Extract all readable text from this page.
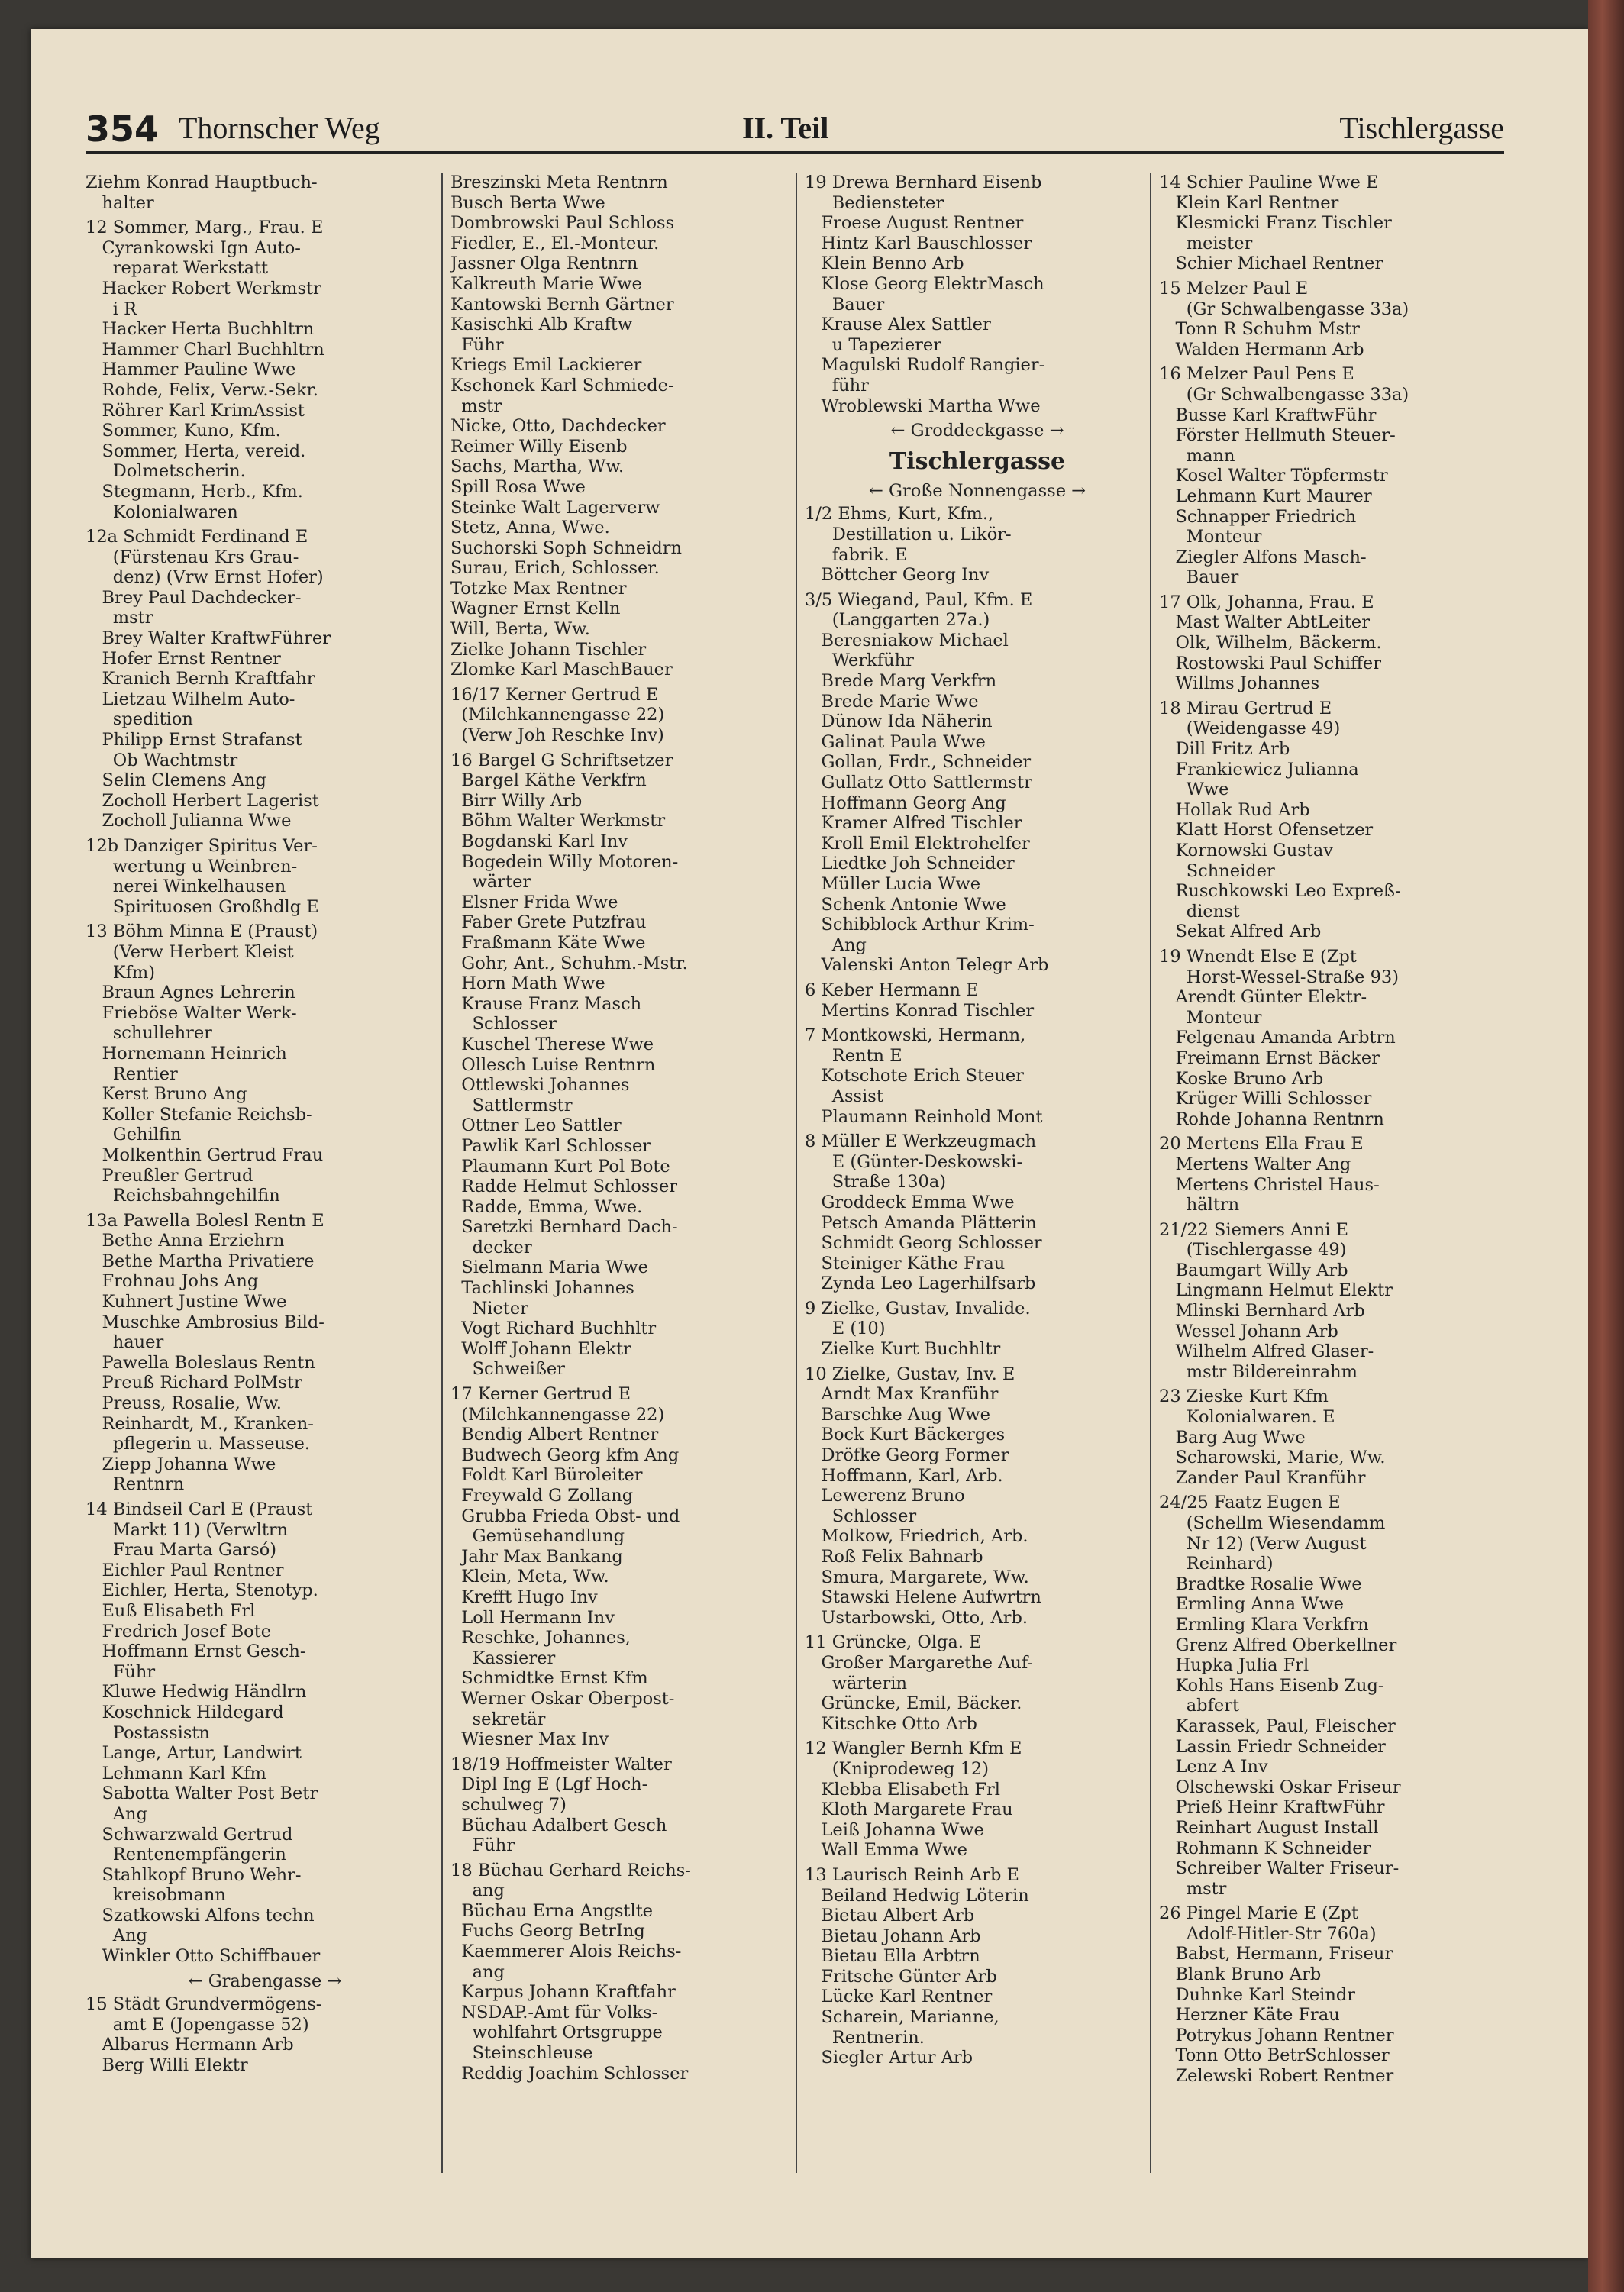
354 Thornscher Weg	II. Teil	Tischlergasse
Ziehm Konrad Hauptbuch-
halter
12 Sommer, Marg., Frau. E
Cyrankowski Ign Auto-
reparat Werkstatt
Hacker Robert Werkmstr
i R
Hacker Herta Buchhltrn
Hammer Charl Buchhltrn
Hammer Pauline Wwe
Rohde, Felix, Verw.-Sekr.
Röhrer Karl KrimAssist
Sommer, Kuno, Kfm.
Sommer, Herta, vereid.
Dolmetscherin.
Stegmann, Herb., Kfm.
Kolonialwaren
12a Schmidt Ferdinand E
(Fürstenau Krs Grau-
denz) (Vrw Ernst Hofer)
Brey Paul Dachdecker-
mstr
Brey Walter KraftwFührer
Hofer Ernst Rentner
Kranich Bernh Kraftfahr
Lietzau Wilhelm Auto-
spedition
Philipp Ernst Strafanst
Ob Wachtmstr
Selin Clemens Ang
Zocholl Herbert Lagerist
Zocholl Julianna Wwe
12b Danziger Spiritus Ver-
wertung u Weinbren-
nerei Winkelhausen
Spirituosen Großhdlg E
13 Böhm Minna E (Praust)
(Verw Herbert Kleist
Kfm)
Braun Agnes Lehrerin
Frieböse Walter Werk-
schullehrer
Hornemann Heinrich
Rentier
Kerst Bruno Ang
Koller Stefanie Reichsb-
Gehilfin
Molkenthin Gertrud Frau
Preußler Gertrud
Reichsbahngehilfin
13a Pawella Bolesl Rentn E
Bethe Anna Erziehrn
Bethe Martha Privatiere
Frohnau Johs Ang
Kuhnert Justine Wwe
Muschke Ambrosius Bild-
hauer
Pawella Boleslaus Rentn
Preuß Richard PolMstr
Preuss, Rosalie, Ww.
Reinhardt, M., Kranken-
pflegerin u. Masseuse.
Ziepp Johanna Wwe
Rentnrn
14 Bindseil Carl E (Praust
Markt 11) (Verwltrn
Frau Marta Garsó)
Eichler Paul Rentner
Eichler, Herta, Stenotyp.
Euß Elisabeth Frl
Fredrich Josef Bote
Hoffmann Ernst Gesch-
Führ
Kluwe Hedwig Händlrn
Koschnick Hildegard
Postassistn
Lange, Artur, Landwirt
Lehmann Karl Kfm
Sabotta Walter Post Betr
Ang
Schwarzwald Gertrud
Rentenempfängerin
Stahlkopf Bruno Wehr-
kreisobmann
Szatkowski Alfons techn
Ang
Winkler Otto Schiffbauer
← Grabengasse →
15 Städt Grundvermögens-
amt E (Jopengasse 52)
Albarus Hermann Arb
Berg Willi Elektr
Breszinski Meta Rentnrn
Busch Berta Wwe
Dombrowski Paul Schloss
Fiedler, E., El.-Monteur.
Jassner Olga Rentnrn
Kalkreuth Marie Wwe
Kantowski Bernh Gärtner
Kasischki Alb Kraftw
Führ
Kriegs Emil Lackierer
Kschonek Karl Schmiede-
mstr
Nicke, Otto, Dachdecker
Reimer Willy Eisenb
Sachs, Martha, Ww.
Spill Rosa Wwe
Steinke Walt Lagerverw
Stetz, Anna, Wwe.
Suchorski Soph Schneidrn
Surau, Erich, Schlosser.
Totzke Max Rentner
Wagner Ernst Kelln
Will, Berta, Ww.
Zielke Johann Tischler
Zlomke Karl MaschBauer
16/17 Kerner Gertrud E
(Milchkannengasse 22)
(Verw Joh Reschke Inv)
16 Bargel G Schriftsetzer
Bargel Käthe Verkfrn
Birr Willy Arb
Böhm Walter Werkmstr
Bogdanski Karl Inv
Bogedein Willy Motoren-
wärter
Elsner Frida Wwe
Faber Grete Putzfrau
Fraßmann Käte Wwe
Gohr, Ant., Schuhm.-Mstr.
Horn Math Wwe
Krause Franz Masch
Schlosser
Kuschel Therese Wwe
Ollesch Luise Rentnrn
Ottlewski Johannes
Sattlermstr
Ottner Leo Sattler
Pawlik Karl Schlosser
Plaumann Kurt Pol Bote
Radde Helmut Schlosser
Radde, Emma, Wwe.
Saretzki Bernhard Dach-
decker
Sielmann Maria Wwe
Tachlinski Johannes
Nieter
Vogt Richard Buchhltr
Wolff Johann Elektr
Schweißer
17 Kerner Gertrud E
(Milchkannengasse 22)
Bendig Albert Rentner
Budwech Georg kfm Ang
Foldt Karl Büroleiter
Freywald G Zollang
Grubba Frieda Obst- und
Gemüsehandlung
Jahr Max Bankang
Klein, Meta, Ww.
Krefft Hugo Inv
Loll Hermann Inv
Reschke, Johannes,
Kassierer
Schmidtke Ernst Kfm
Werner Oskar Oberpost-
sekretär
Wiesner Max Inv
18/19 Hoffmeister Walter
Dipl Ing E (Lgf Hoch-
schulweg 7)
Büchau Adalbert Gesch
Führ
18 Büchau Gerhard Reichs-
ang
Büchau Erna Angstlte
Fuchs Georg BetrIng
Kaemmerer Alois Reichs-
ang
Karpus Johann Kraftfahr
NSDAP.-Amt für Volks-
wohlfahrt Ortsgruppe
Steinschleuse
Reddig Joachim Schlosser
19 Drewa Bernhard Eisenb
Bediensteter
Froese August Rentner
Hintz Karl Bauschlosser
Klein Benno Arb
Klose Georg ElektrMasch
Bauer
Krause Alex Sattler
u Tapezierer
Magulski Rudolf Rangier-
führ
Wroblewski Martha Wwe
← Groddeckgasse →
Tischlergasse
← Große Nonnengasse →
1/2 Ehms, Kurt, Kfm.,
Destillation u. Likör-
fabrik. E
Böttcher Georg Inv
3/5 Wiegand, Paul, Kfm. E
(Langgarten 27a.)
Beresniakow Michael
Werkführ
Brede Marg Verkfrn
Brede Marie Wwe
Dünow Ida Näherin
Galinat Paula Wwe
Gollan, Frdr., Schneider
Gullatz Otto Sattlermstr
Hoffmann Georg Ang
Kramer Alfred Tischler
Kroll Emil Elektrohelfer
Liedtke Joh Schneider
Müller Lucia Wwe
Schenk Antonie Wwe
Schibblock Arthur Krim-
Ang
Valenski Anton Telegr Arb
6 Keber Hermann E
Mertins Konrad Tischler
7 Montkowski, Hermann,
Rentn E
Kotschote Erich Steuer
Assist
Plaumann Reinhold Mont
8 Müller E Werkzeugmach
E (Günter-Deskowski-
Straße 130a)
Groddeck Emma Wwe
Petsch Amanda Plätterin
Schmidt Georg Schlosser
Steiniger Käthe Frau
Zynda Leo Lagerhilfsarb
9 Zielke, Gustav, Invalide.
E (10)
Zielke Kurt Buchhltr
10 Zielke, Gustav, Inv. E
Arndt Max Kranführ
Barschke Aug Wwe
Bock Kurt Bäckerges
Dröfke Georg Former
Hoffmann, Karl, Arb.
Lewerenz Bruno
Schlosser
Molkow, Friedrich, Arb.
Roß Felix Bahnarb
Smura, Margarete, Ww.
Stawski Helene Aufwrtrn
Ustarbowski, Otto, Arb.
11 Grüncke, Olga. E
Großer Margarethe Auf-
wärterin
Grüncke, Emil, Bäcker.
Kitschke Otto Arb
12 Wangler Bernh Kfm E
(Kniprodeweg 12)
Klebba Elisabeth Frl
Kloth Margarete Frau
Leiß Johanna Wwe
Wall Emma Wwe
13 Laurisch Reinh Arb E
Beiland Hedwig Löterin
Bietau Albert Arb
Bietau Johann Arb
Bietau Ella Arbtrn
Fritsche Günter Arb
Lücke Karl Rentner
Scharein, Marianne,
Rentnerin.
Siegler Artur Arb
14 Schier Pauline Wwe E
Klein Karl Rentner
Klesmicki Franz Tischler
meister
Schier Michael Rentner
15 Melzer Paul E
(Gr Schwalbengasse 33a)
Tonn R Schuhm Mstr
Walden Hermann Arb
16 Melzer Paul Pens E
(Gr Schwalbengasse 33a)
Busse Karl KraftwFühr
Förster Hellmuth Steuer-
mann
Kosel Walter Töpfermstr
Lehmann Kurt Maurer
Schnapper Friedrich
Monteur
Ziegler Alfons Masch-
Bauer
17 Olk, Johanna, Frau. E
Mast Walter AbtLeiter
Olk, Wilhelm, Bäckerm.
Rostowski Paul Schiffer
Willms Johannes
18 Mirau Gertrud E
(Weidengasse 49)
Dill Fritz Arb
Frankiewicz Julianna
Wwe
Hollak Rud Arb
Klatt Horst Ofensetzer
Kornowski Gustav
Schneider
Ruschkowski Leo Expreß-
dienst
Sekat Alfred Arb
19 Wnendt Else E (Zpt
Horst-Wessel-Straße 93)
Arendt Günter Elektr-
Monteur
Felgenau Amanda Arbtrn
Freimann Ernst Bäcker
Koske Bruno Arb
Krüger Willi Schlosser
Rohde Johanna Rentnrn
20 Mertens Ella Frau E
Mertens Walter Ang
Mertens Christel Haus-
hältrn
21/22 Siemers Anni E
(Tischlergasse 49)
Baumgart Willy Arb
Lingmann Helmut Elektr
Mlinski Bernhard Arb
Wessel Johann Arb
Wilhelm Alfred Glaser-
mstr Bildereinrahm
23 Zieske Kurt Kfm
Kolonialwaren. E
Barg Aug Wwe
Scharowski, Marie, Ww.
Zander Paul Kranführ
24/25 Faatz Eugen E
(Schellm Wiesendamm
Nr 12) (Verw August
Reinhard)
Bradtke Rosalie Wwe
Ermling Anna Wwe
Ermling Klara Verkfrn
Grenz Alfred Oberkellner
Hupka Julia Frl
Kohls Hans Eisenb Zug-
abfert
Karassek, Paul, Fleischer
Lassin Friedr Schneider
Lenz A Inv
Olschewski Oskar Friseur
Prieß Heinr KraftwFühr
Reinhart August Install
Rohmann K Schneider
Schreiber Walter Friseur-
mstr
26 Pingel Marie E (Zpt
Adolf-Hitler-Str 760a)
Babst, Hermann, Friseur
Blank Bruno Arb
Duhnke Karl Steindr
Herzner Käte Frau
Potrykus Johann Rentner
Tonn Otto BetrSchlosser
Zelewski Robert Rentner
